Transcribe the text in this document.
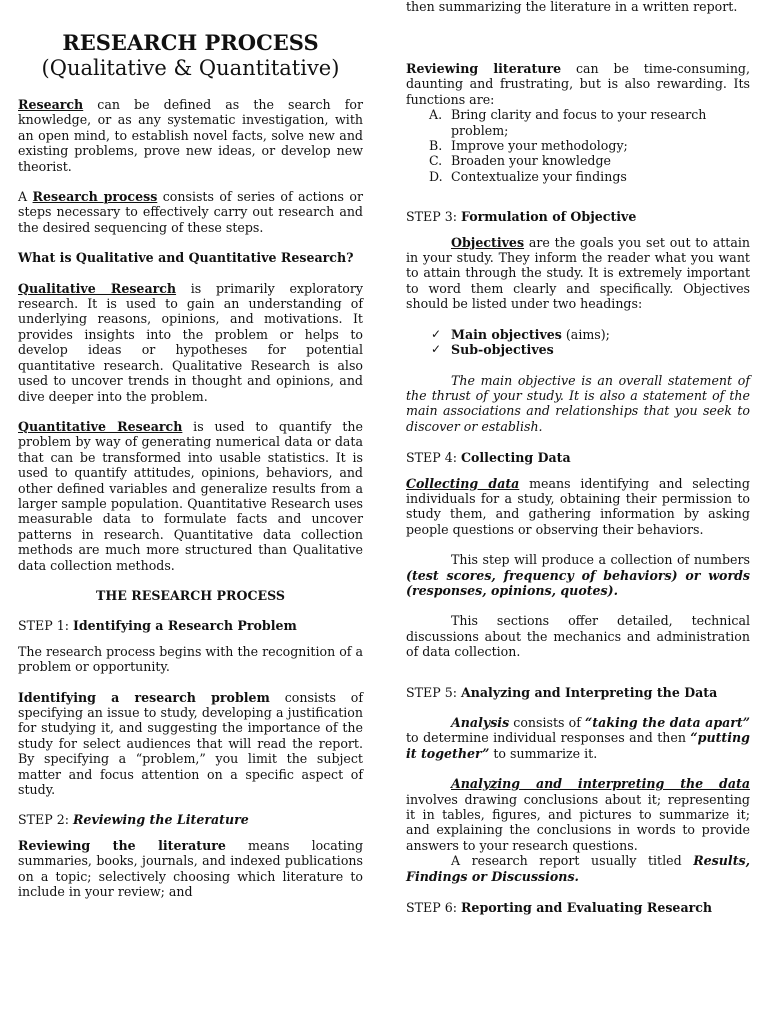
RESEARCH PROCESS
(Qualitative & Quantitative)

Research can be defined as the search for knowledge, or as any systematic investigation, with an open mind, to establish novel facts, solve new and existing problems, prove new ideas, or develop new theorist.

A Research process consists of series of actions or steps necessary to effectively carry out research and the desired sequencing of these steps.

What is Qualitative and Quantitative Research?

Qualitative Research is primarily exploratory research. It is used to gain an understanding of underlying reasons, opinions, and motivations. It provides insights into the problem or helps to develop ideas or hypotheses for potential quantitative research. Qualitative Research is also used to uncover trends in thought and opinions, and dive deeper into the problem.

Quantitative Research is used to quantify the problem by way of generating numerical data or data that can be transformed into usable statistics. It is used to quantify attitudes, opinions, behaviors, and other defined variables and generalize results from a larger sample population. Quantitative Research uses measurable data to formulate facts and uncover patterns in research. Quantitative data collection methods are much more structured than Qualitative data collection methods.

THE RESEARCH PROCESS

STEP 1: Identifying a Research Problem

The research process begins with the recognition of a problem or opportunity.

Identifying a research problem consists of specifying an issue to study, developing a justification for studying it, and suggesting the importance of the study for select audiences that will read the report. By specifying a “problem,” you limit the subject matter and focus attention on a specific aspect of study.

STEP 2: Reviewing the Literature

Reviewing the literature means locating summaries, books, journals, and indexed publications on a topic; selectively choosing which literature to include in your review; and

then summarizing the literature in a written report.

Reviewing literature can be time-consuming, daunting and frustrating, but is also rewarding. Its functions are:

A. Bring clarity and focus to your research problem;
B. Improve your methodology;
C. Broaden your knowledge
D. Contextualize your findings

STEP 3: Formulation of Objective

Objectives are the goals you set out to attain in your study. They inform the reader what you want to attain through the study. It is extremely important to word them clearly and specifically. Objectives should be listed under two headings:

✓ Main objectives (aims);
✓ Sub-objectives

The main objective is an overall statement of the thrust of your study. It is also a statement of the main associations and relationships that you seek to discover or establish.

STEP 4: Collecting Data

Collecting data means identifying and selecting individuals for a study, obtaining their permission to study them, and gathering information by asking people questions or observing their behaviors.

This step will produce a collection of numbers (test scores, frequency of behaviors) or words (responses, opinions, quotes).

This sections offer detailed, technical discussions about the mechanics and administration of data collection.

STEP 5: Analyzing and Interpreting the Data

Analysis consists of “taking the data apart” to determine individual responses and then “putting it together” to summarize it.

Analyzing and interpreting the data involves drawing conclusions about it; representing it in tables, figures, and pictures to summarize it; and explaining the conclusions in words to provide answers to your research questions.

A research report usually titled Results, Findings or Discussions.

STEP 6: Reporting and Evaluating Research
